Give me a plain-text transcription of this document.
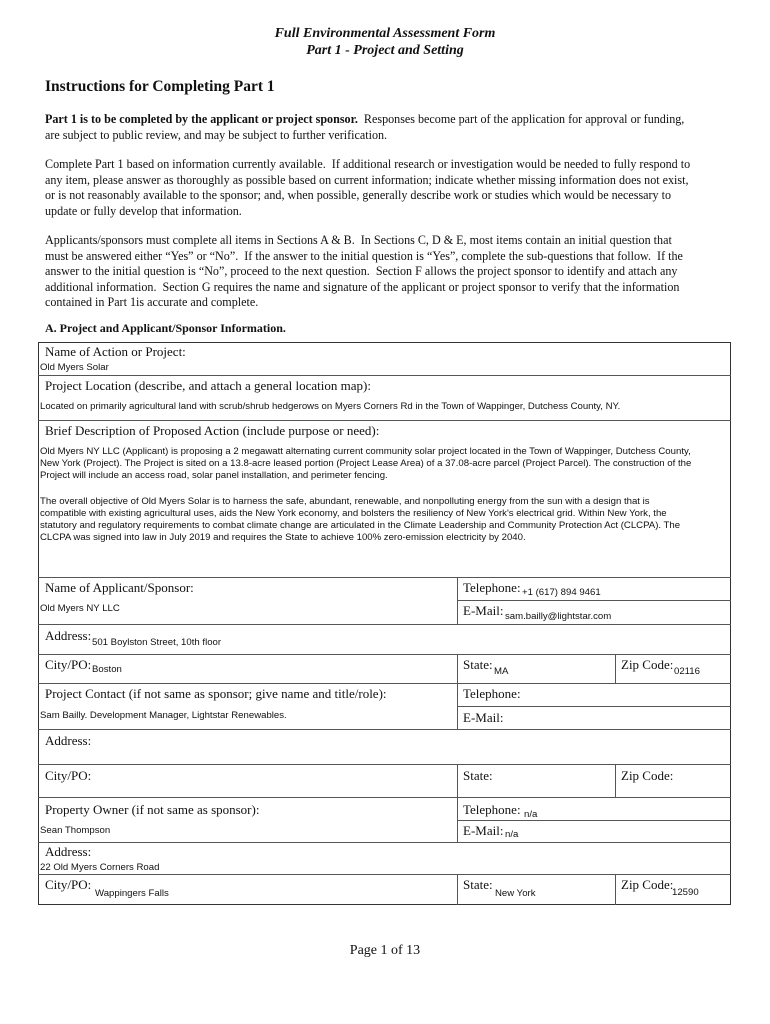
Full Environmental Assessment Form
Part 1 - Project and Setting
Instructions for Completing Part 1
Part 1 is to be completed by the applicant or project sponsor.  Responses become part of the application for approval or funding,
are subject to public review, and may be subject to further verification.
Complete Part 1 based on information currently available.  If additional research or investigation would be needed to fully respond to
any item, please answer as thoroughly as possible based on current information; indicate whether missing information does not exist,
or is not reasonably available to the sponsor; and, when possible, generally describe work or studies which would be necessary to
update or fully develop that information.
Applicants/sponsors must complete all items in Sections A & B.  In Sections C, D & E, most items contain an initial question that
must be answered either “Yes” or “No”.  If the answer to the initial question is “Yes”, complete the sub-questions that follow.  If the
answer to the initial question is “No”, proceed to the next question.  Section F allows the project sponsor to identify and attach any
additional information.  Section G requires the name and signature of the applicant or project sponsor to verify that the information
contained in Part 1is accurate and complete.
A. Project and Applicant/Sponsor Information.
Name of Action or Project:
Old Myers Solar
Project Location (describe, and attach a general location map):
Located on primarily agricultural land with scrub/shrub hedgerows on Myers Corners Rd in the Town of Wappinger, Dutchess County, NY.
Brief Description of Proposed Action (include purpose or need):
Old Myers NY LLC (Applicant) is proposing a 2 megawatt alternating current community solar project located in the Town of Wappinger, Dutchess County,
New York (Project). The Project is sited on a 13.8-acre leased portion (Project Lease Area) of a 37.08-acre parcel (Project Parcel). The construction of the
Project will include an access road, solar panel installation, and perimeter fencing.
The overall objective of Old Myers Solar is to harness the safe, abundant, renewable, and nonpolluting energy from the sun with a design that is
compatible with existing agricultural uses, aids the New York economy, and bolsters the resiliency of New York's electrical grid. Within New York, the
statutory and regulatory requirements to combat climate change are articulated in the Climate Leadership and Community Protection Act (CLCPA). The
CLCPA was signed into law in July 2019 and requires the State to achieve 100% zero-emission electricity by 2040.
Name of Applicant/Sponsor:
Old Myers NY LLC
Telephone: +1 (617) 894 9461
E-Mail: sam.bailly@lightstar.com
Address: 501 Boylston Street, 10th floor
City/PO: Boston	State: MA	Zip Code: 02116
Project Contact (if not same as sponsor; give name and title/role):
Sam Bailly. Development Manager, Lightstar Renewables.
Telephone:
E-Mail:
Address:
City/PO:	State:	Zip Code:
Property Owner (if not same as sponsor):
Sean Thompson
Telephone: n/a
E-Mail: n/a
Address:
22 Old Myers Corners Road
City/PO:
Wappingers Falls
State:
New York
Zip Code:
12590
Page 1 of 13
